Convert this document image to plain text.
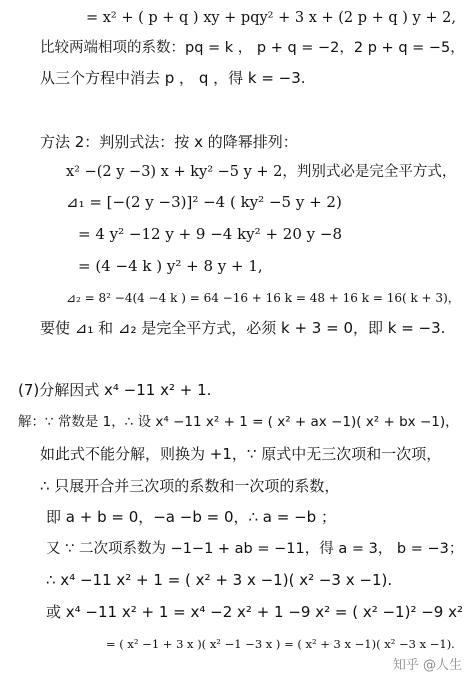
= x² + ( p + q ) xy + pqy² + 3 x + (2 p + q ) y + 2,
比较两端相项的系数：pq = k ， p + q = −2，2 p + q = −5，
从三个方程中消去 p ， q ，得 k = −3.
方法 2：判别式法：按 x 的降幂排列：
x² −(2 y −3) x + ky² −5 y + 2，判别式必是完全平方式，
⊿₁ = [−(2 y −3)]² −4 ( ky² −5 y + 2)
= 4 y² −12 y + 9 −4 ky² + 20 y −8
= (4 −4 k ) y² + 8 y + 1,
⊿₂ = 8² −4(4 −4 k ) = 64 −16 + 16 k = 48 + 16 k = 16( k + 3)，
要使 ⊿₁ 和 ⊿₂ 是完全平方式，必须 k + 3 = 0，即 k = −3.
(7)分解因式 x⁴ −11 x² + 1.
解：∵ 常数是 1，∴ 设 x⁴ −11 x² + 1 = ( x² + ax −1)( x² + bx −1)，
如此式不能分解，则换为 +1，∵ 原式中无三次项和一次项，
∴ 只展开合并三次项的系数和一次项的系数，
即 a + b = 0，−a −b = 0，∴ a = −b ；
又 ∵ 二次项系数为 −1−1 + ab = −11，得 a = 3， b = −3；
∴ x⁴ −11 x² + 1 = ( x² + 3 x −1)( x² −3 x −1).
或 x⁴ −11 x² + 1 = x⁴ −2 x² + 1 −9 x² = ( x² −1)² −9 x²
= ( x² −1 + 3 x )( x² −1 −3 x ) = ( x² + 3 x −1)( x² −3 x −1).
知乎 @人生
